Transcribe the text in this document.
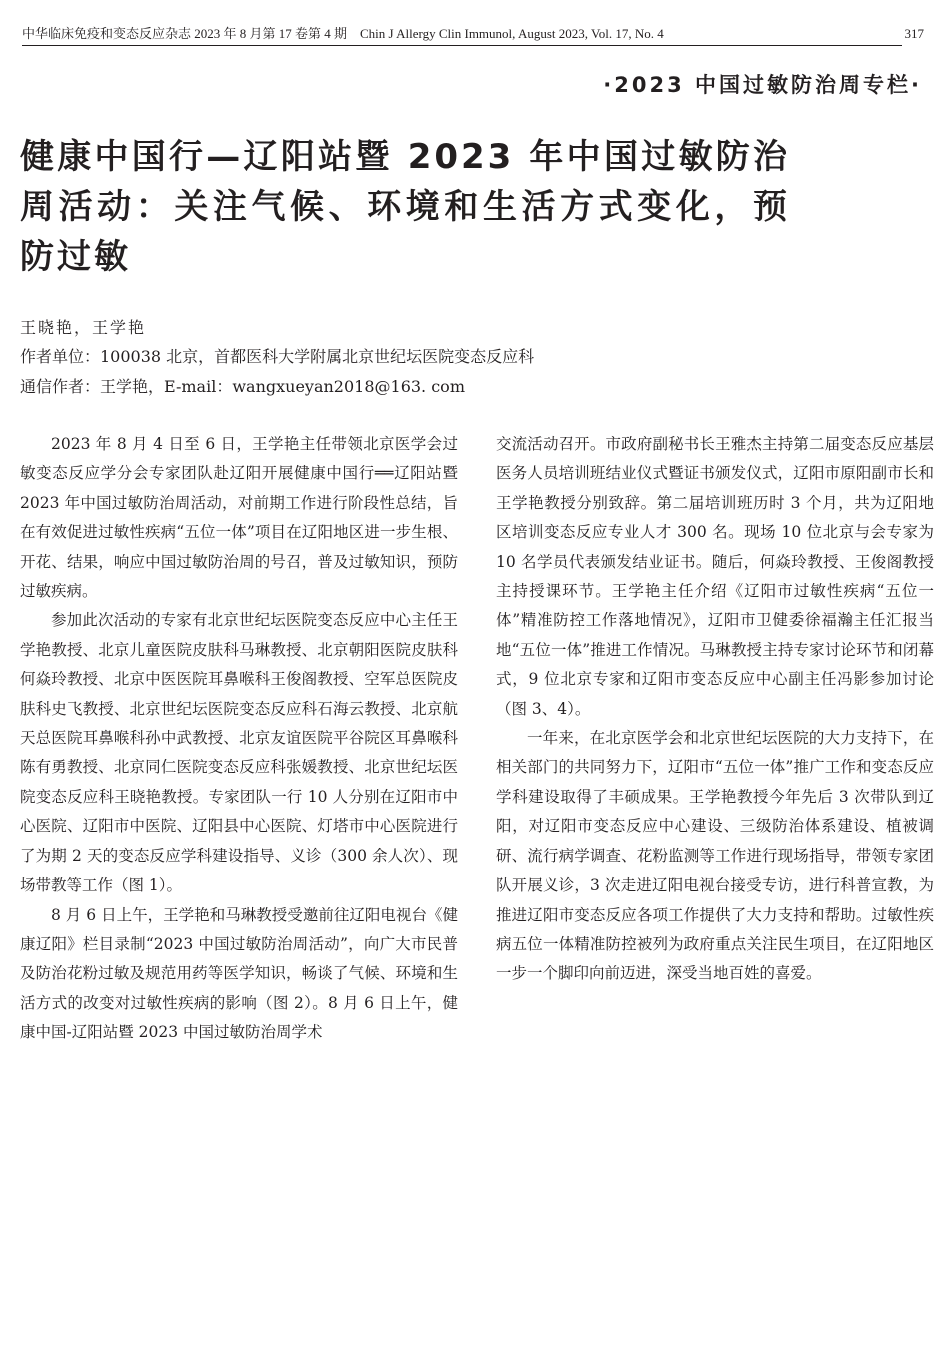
中华临床免疫和变态反应杂志 2023 年 8 月第 17 卷第 4 期　Chin J Allergy Clin Immunol, August 2023, Vol. 17, No. 4	317
·2023 中国过敏防治周专栏·
健康中国行—辽阳站暨 2023 年中国过敏防治周活动：关注气候、环境和生活方式变化，预防过敏
王晓艳，王学艳
作者单位：100038 北京，首都医科大学附属北京世纪坛医院变态反应科
通信作者：王学艳，E-mail：wangxueyan2018@163. com

2023 年 8 月 4 日至 6 日，王学艳主任带领北京医学会过敏变态反应学分会专家团队赴辽阳开展健康中国行══辽阳站暨 2023 年中国过敏防治周活动，对前期工作进行阶段性总结，旨在有效促进过敏性疾病“五位一体”项目在辽阳地区进一步生根、开花、结果，响应中国过敏防治周的号召，普及过敏知识，预防过敏疾病。

参加此次活动的专家有北京世纪坛医院变态反应中心主任王学艳教授、北京儿童医院皮肤科马琳教授、北京朝阳医院皮肤科何焱玲教授、北京中医医院耳鼻喉科王俊阁教授、空军总医院皮肤科史飞教授、北京世纪坛医院变态反应科石海云教授、北京航天总医院耳鼻喉科孙中武教授、北京友谊医院平谷院区耳鼻喉科陈有勇教授、北京同仁医院变态反应科张媛教授、北京世纪坛医院变态反应科王晓艳教授。专家团队一行 10 人分别在辽阳市中心医院、辽阳市中医院、辽阳县中心医院、灯塔市中心医院进行了为期 2 天的变态反应学科建设指导、义诊（300 余人次）、现场带教等工作（图 1）。

8 月 6 日上午，王学艳和马琳教授受邀前往辽阳电视台《健康辽阳》栏目录制“2023 中国过敏防治周活动”，向广大市民普及防治花粉过敏及规范用药等医学知识，畅谈了气候、环境和生活方式的改变对过敏性疾病的影响（图 2）。8 月 6 日上午，健康中国-辽阳站暨 2023 中国过敏防治周学术

交流活动召开。市政府副秘书长王雅杰主持第二届变态反应基层医务人员培训班结业仪式暨证书颁发仪式，辽阳市原阳副市长和王学艳教授分别致辞。第二届培训班历时 3 个月，共为辽阳地区培训变态反应专业人才 300 名。现场 10 位北京与会专家为 10 名学员代表颁发结业证书。随后，何焱玲教授、王俊阁教授主持授课环节。王学艳主任介绍《辽阳市过敏性疾病“五位一体”精准防控工作落地情况》，辽阳市卫健委徐福瀚主任汇报当地“五位一体”推进工作情况。马琳教授主持专家讨论环节和闭幕式，9 位北京专家和辽阳市变态反应中心副主任冯影参加讨论（图 3、4）。

一年来，在北京医学会和北京世纪坛医院的大力支持下，在相关部门的共同努力下，辽阳市“五位一体”推广工作和变态反应学科建设取得了丰硕成果。王学艳教授今年先后 3 次带队到辽阳，对辽阳市变态反应中心建设、三级防治体系建设、植被调研、流行病学调查、花粉监测等工作进行现场指导，带领专家团队开展义诊，3 次走进辽阳电视台接受专访，进行科普宣教，为推进辽阳市变态反应各项工作提供了大力支持和帮助。过敏性疾病五位一体精准防控被列为政府重点关注民生项目，在辽阳地区一步一个脚印向前迈进，深受当地百姓的喜爱。
